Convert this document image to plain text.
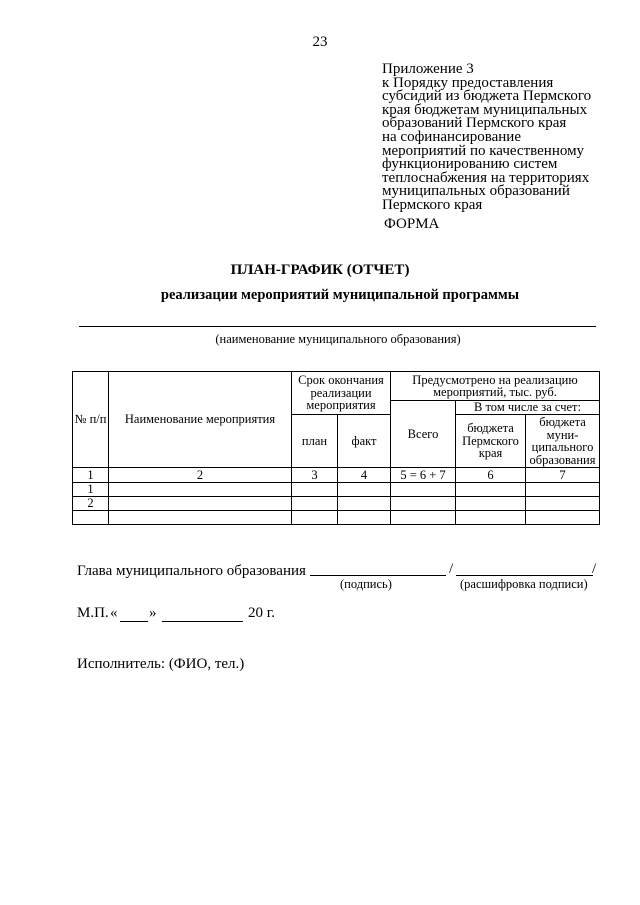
23
Приложение 3
к Порядку предоставления
субсидий из бюджета Пермского
края бюджетам муниципальных
образований Пермского края
на софинансирование
мероприятий по качественному
функционированию систем
теплоснабжения на территориях
муниципальных образований
Пермского края
ФОРМА
ПЛАН-ГРАФИК (ОТЧЕТ)
реализации мероприятий муниципальной программы
(наименование муниципального образования)
№ п/п	Наименование мероприятия	Срок окончания реализации мероприятия		Предусмотрено на реализацию мероприятий, тыс. руб.		
				Всего	В том числе за счет:	
		план	факт		бюджета Пермского края	бюджета муни-ципального образования
1	2	3	4	5 = 6 + 7	6	7
1						
2						

Глава муниципального образования	/	/
(подпись)	(расшифровка подписи)
М.П. « »	20 г.
Исполнитель: (ФИО, тел.)
